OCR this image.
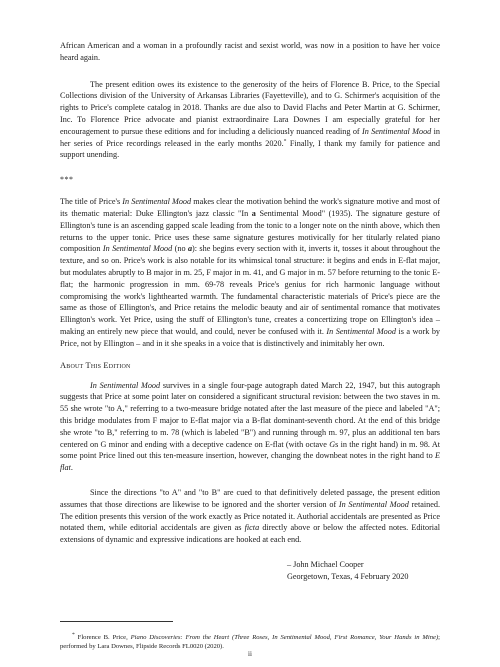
African American and a woman in a profoundly racist and sexist world, was now in a position to have her voice heard again.

The present edition owes its existence to the generosity of the heirs of Florence B. Price, to the Special Collections division of the University of Arkansas Libraries (Fayetteville), and to G. Schirmer's acquisition of the rights to Price's complete catalog in 2018. Thanks are due also to David Flachs and Peter Martin at G. Schirmer, Inc. To Florence Price advocate and pianist extraordinaire Lara Downes I am especially grateful for her encouragement to pursue these editions and for including a deliciously nuanced reading of In Sentimental Mood in her series of Price recordings released in the early months 2020.* Finally, I thank my family for patience and support unending.

***

The title of Price's In Sentimental Mood makes clear the motivation behind the work's signature motive and most of its thematic material: Duke Ellington's jazz classic "In a Sentimental Mood" (1935). The signature gesture of Ellington's tune is an ascending gapped scale leading from the tonic to a longer note on the ninth above, which then returns to the upper tonic. Price uses these same signature gestures motivically for her titularly related piano composition In Sentimental Mood (no a): she begins every section with it, inverts it, tosses it about throughout the texture, and so on. Price's work is also notable for its whimsical tonal structure: it begins and ends in E-flat major, but modulates abruptly to B major in m. 25, F major in m. 41, and G major in m. 57 before returning to the tonic E-flat; the harmonic progression in mm. 69-78 reveals Price's genius for rich harmonic language without compromising the work's lighthearted warmth. The fundamental characteristic materials of Price's piece are the same as those of Ellington's, and Price retains the melodic beauty and air of sentimental romance that motivates Ellington's work. Yet Price, using the stuff of Ellington's tune, creates a concertizing trope on Ellington's idea – making an entirely new piece that would, and could, never be confused with it. In Sentimental Mood is a work by Price, not by Ellington – and in it she speaks in a voice that is distinctively and inimitably her own.

About This Edition

In Sentimental Mood survives in a single four-page autograph dated March 22, 1947, but this autograph suggests that Price at some point later on considered a significant structural revision: between the two staves in m. 55 she wrote "to A," referring to a two-measure bridge notated after the last measure of the piece and labeled "A"; this bridge modulates from F major to E-flat major via a B-flat dominant-seventh chord. At the end of this bridge she wrote "to B," referring to m. 78 (which is labeled "B") and running through m. 97, plus an additional ten bars centered on G minor and ending with a deceptive cadence on E-flat (with octave Gs in the right hand) in m. 98. At some point Price lined out this ten-measure insertion, however, changing the downbeat notes in the right hand to E flat.

Since the directions "to A" and "to B" are cued to that definitively deleted passage, the present edition assumes that those directions are likewise to be ignored and the shorter version of In Sentimental Mood retained. The edition presents this version of the work exactly as Price notated it. Authorial accidentals are presented as Price notated them, while editorial accidentals are given as ficta directly above or below the affected notes. Editorial extensions of dynamic and expressive indications are hooked at each end.

– John Michael Cooper
Georgetown, Texas, 4 February 2020

* Florence B. Price, Piano Discoveries: From the Heart (Three Roses, In Sentimental Mood, First Romance, Your Hands in Mine); performed by Lara Downes, Flipside Records FL0020 (2020).

ii
